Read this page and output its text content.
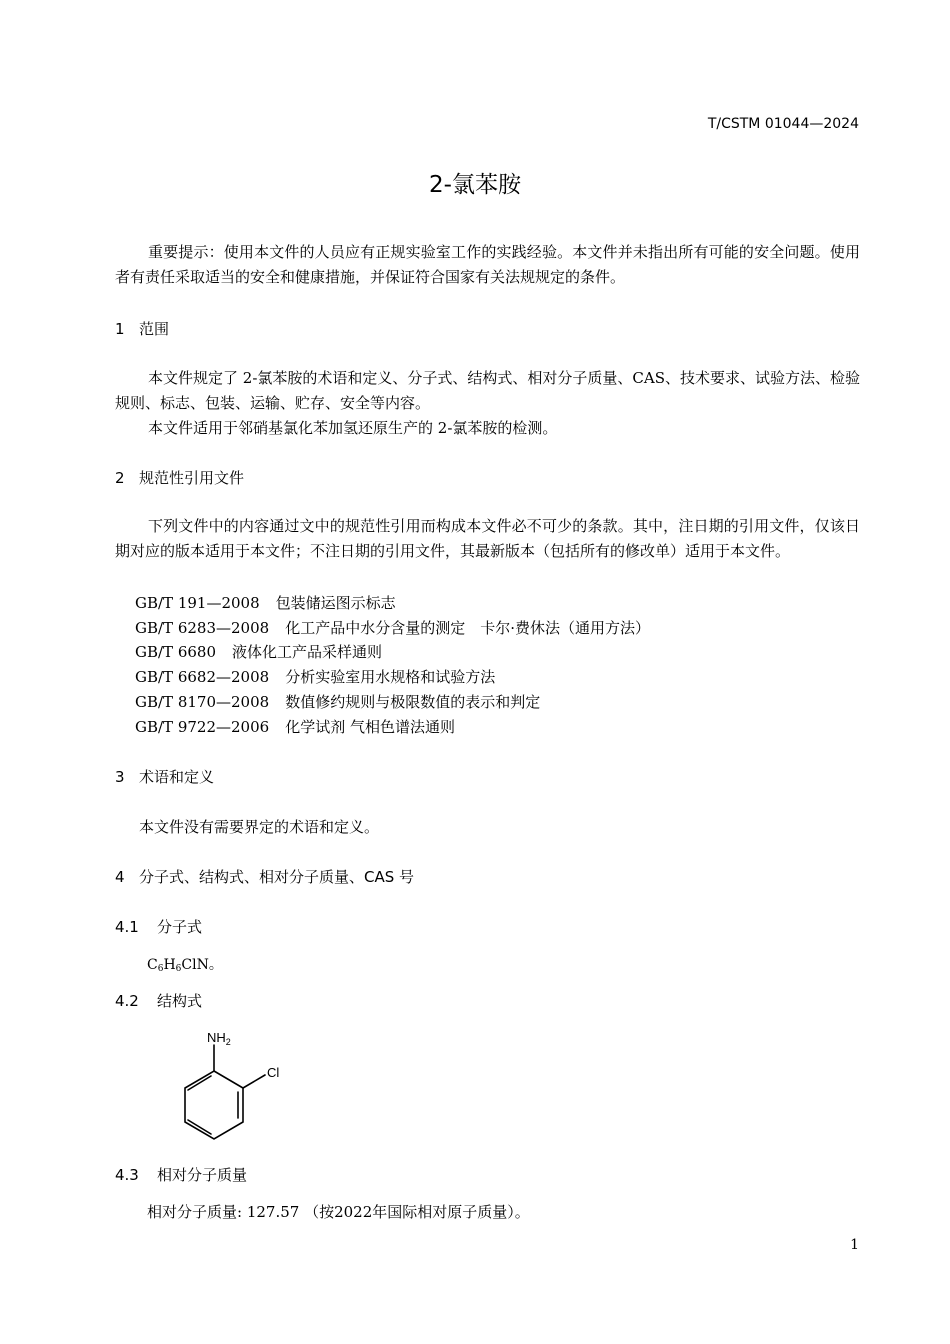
T/CSTM 01044—2024
2-氯苯胺
重要提示：使用本文件的人员应有正规实验室工作的实践经验。本文件并未指出所有可能的安全问题。使用者有责任采取适当的安全和健康措施，并保证符合国家有关法规规定的条件。
1 范围
本文件规定了 2-氯苯胺的术语和定义、分子式、结构式、相对分子质量、CAS、技术要求、试验方法、检验规则、标志、包装、运输、贮存、安全等内容。
本文件适用于邻硝基氯化苯加氢还原生产的 2-氯苯胺的检测。
2 规范性引用文件
下列文件中的内容通过文中的规范性引用而构成本文件必不可少的条款。其中，注日期的引用文件，仅该日期对应的版本适用于本文件；不注日期的引用文件，其最新版本（包括所有的修改单）适用于本文件。
GB/T 191—2008 包装储运图示标志
GB/T 6283—2008 化工产品中水分含量的测定　卡尔·费休法（通用方法）
GB/T 6680 液体化工产品采样通则
GB/T 6682—2008 分析实验室用水规格和试验方法
GB/T 8170—2008 数值修约规则与极限数值的表示和判定
GB/T 9722—2006 化学试剂 气相色谱法通则
3 术语和定义
本文件没有需要界定的术语和定义。
4 分子式、结构式、相对分子质量、CAS 号
4.1 分子式
$C_6H_6ClN$。
4.2 结构式
$NH_2$
Cl
4.3 相对分子质量
相对分子质量: 127.57 （按2022年国际相对原子质量）。
1
